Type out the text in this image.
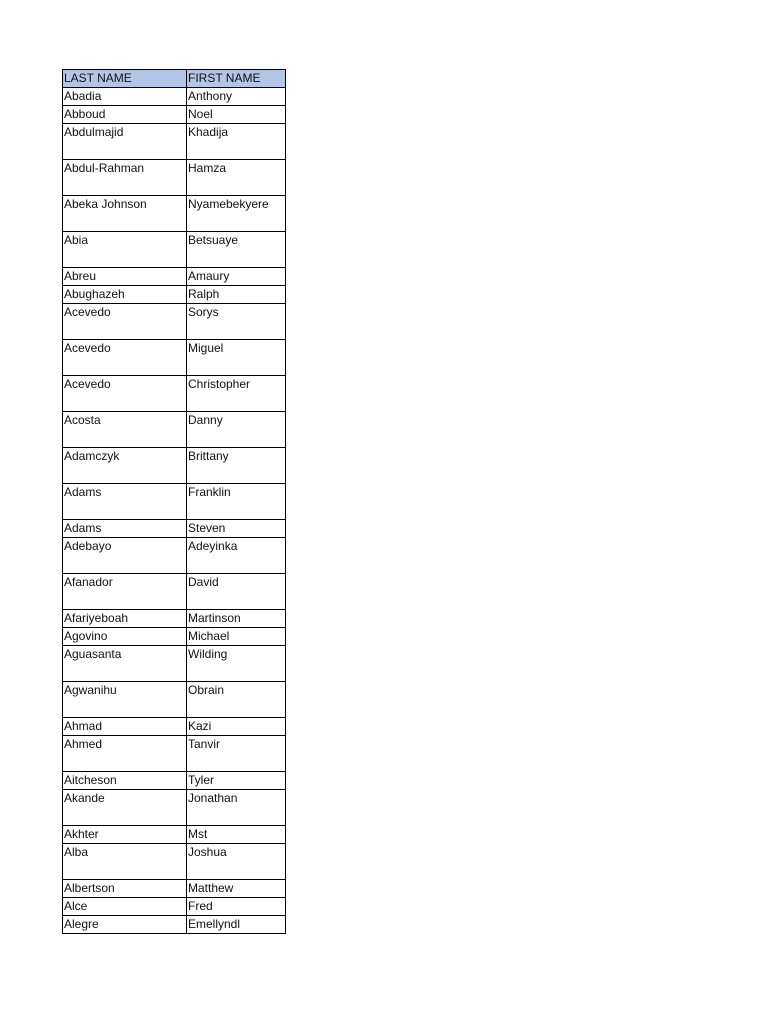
LAST NAME	FIRST NAME
Abadia	Anthony
Abboud	Noel
Abdulmajid	Khadija
Abdul-Rahman	Hamza
Abeka Johnson	Nyamebekyere
Abia	Betsuaye
Abreu	Amaury
Abughazeh	Ralph
Acevedo	Sorys
Acevedo	Miguel
Acevedo	Christopher
Acosta	Danny
Adamczyk	Brittany
Adams	Franklin
Adams	Steven
Adebayo	Adeyinka
Afanador	David
Afariyeboah	Martinson
Agovino	Michael
Aguasanta	Wilding
Agwanihu	Obrain
Ahmad	Kazi
Ahmed	Tanvir
Aitcheson	Tyler
Akande	Jonathan
Akhter	Mst
Alba	Joshua
Albertson	Matthew
Alce	Fred
Alegre	Emellyndl
